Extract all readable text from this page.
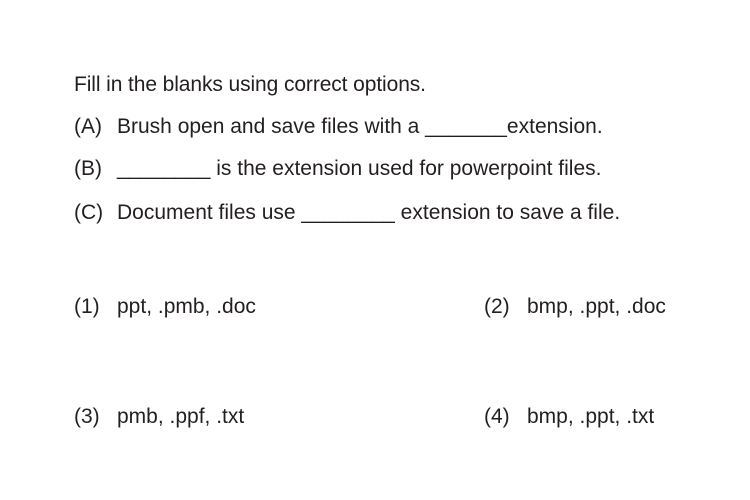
Fill in the blanks using correct options.
(A) Brush open and save files with a _______extension.
(B) ________ is the extension used for powerpoint files.
(C) Document files use ________ extension to save a file.
(1) ppt, .pmb, .doc	(2) bmp, .ppt, .doc
(3) pmb, .ppf, .txt	(4) bmp, .ppt, .txt
